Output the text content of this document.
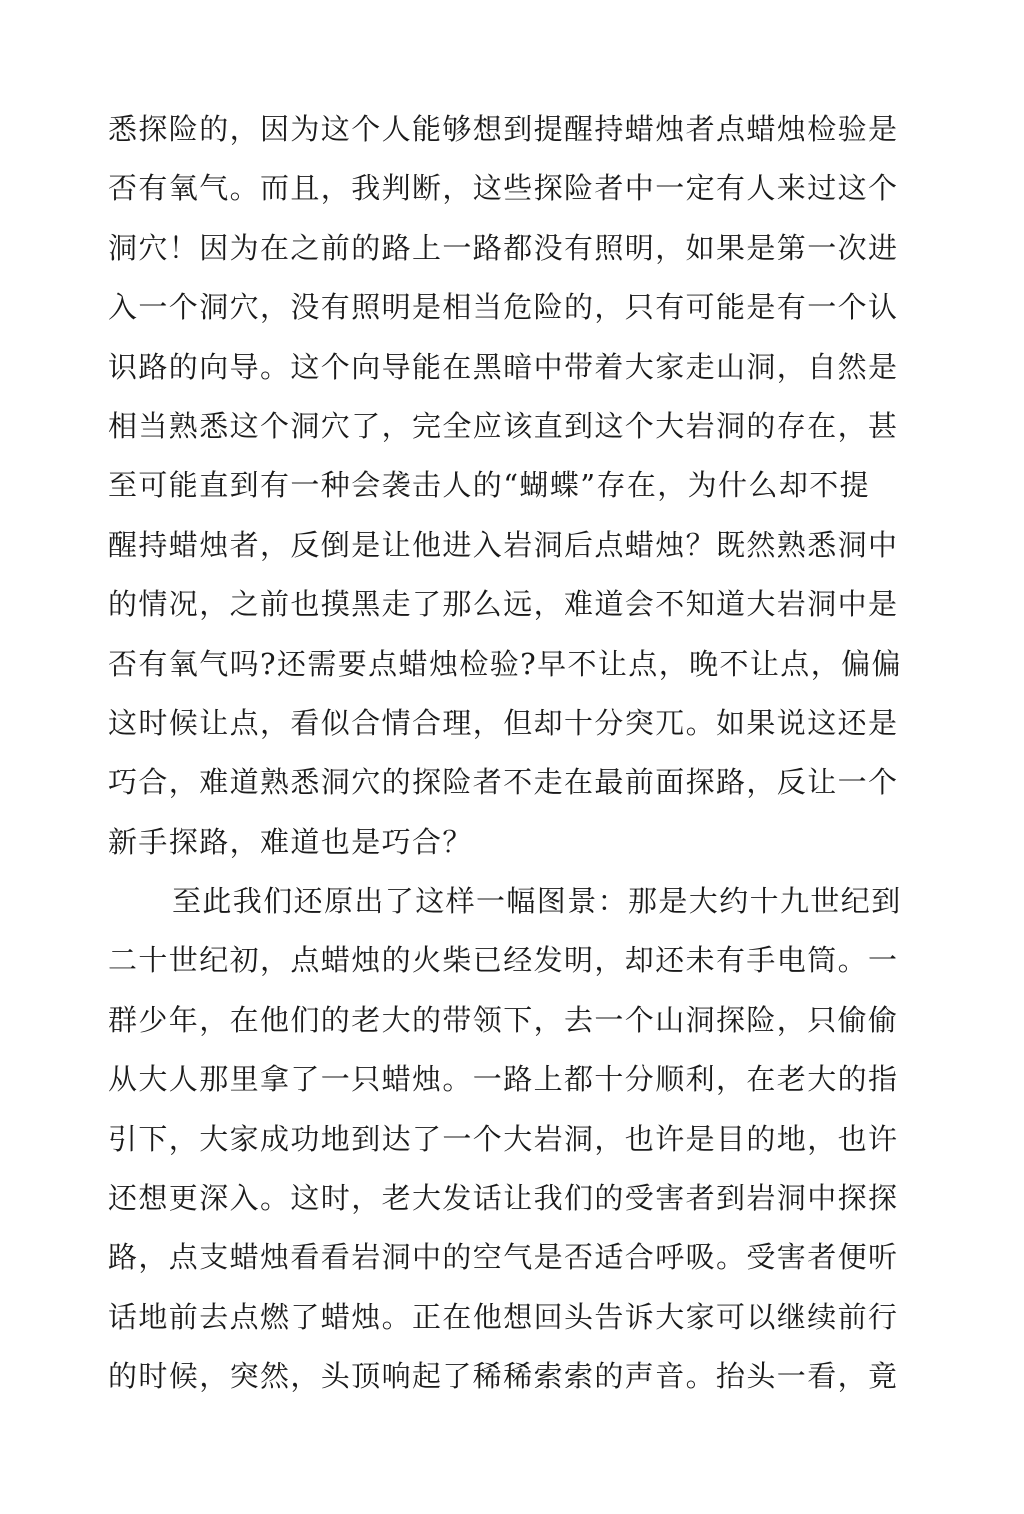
悉探险的，因为这个人能够想到提醒持蜡烛者点蜡烛检验是
否有氧气。而且，我判断，这些探险者中一定有人来过这个
洞穴！因为在之前的路上一路都没有照明，如果是第一次进
入一个洞穴，没有照明是相当危险的，只有可能是有一个认
识路的向导。这个向导能在黑暗中带着大家走山洞，自然是
相当熟悉这个洞穴了，完全应该直到这个大岩洞的存在，甚
至可能直到有一种会袭击人的“蝴蝶”存在，为什么却不提
醒持蜡烛者，反倒是让他进入岩洞后点蜡烛？既然熟悉洞中
的情况，之前也摸黑走了那么远，难道会不知道大岩洞中是
否有氧气吗?还需要点蜡烛检验?早不让点，晚不让点，偏偏
这时候让点，看似合情合理，但却十分突兀。如果说这还是
巧合，难道熟悉洞穴的探险者不走在最前面探路，反让一个
新手探路，难道也是巧合？
至此我们还原出了这样一幅图景：那是大约十九世纪到
二十世纪初，点蜡烛的火柴已经发明，却还未有手电筒。一
群少年，在他们的老大的带领下，去一个山洞探险，只偷偷
从大人那里拿了一只蜡烛。一路上都十分顺利，在老大的指
引下，大家成功地到达了一个大岩洞，也许是目的地，也许
还想更深入。这时，老大发话让我们的受害者到岩洞中探探
路，点支蜡烛看看岩洞中的空气是否适合呼吸。受害者便听
话地前去点燃了蜡烛。正在他想回头告诉大家可以继续前行
的时候，突然，头顶响起了稀稀索索的声音。抬头一看，竟
